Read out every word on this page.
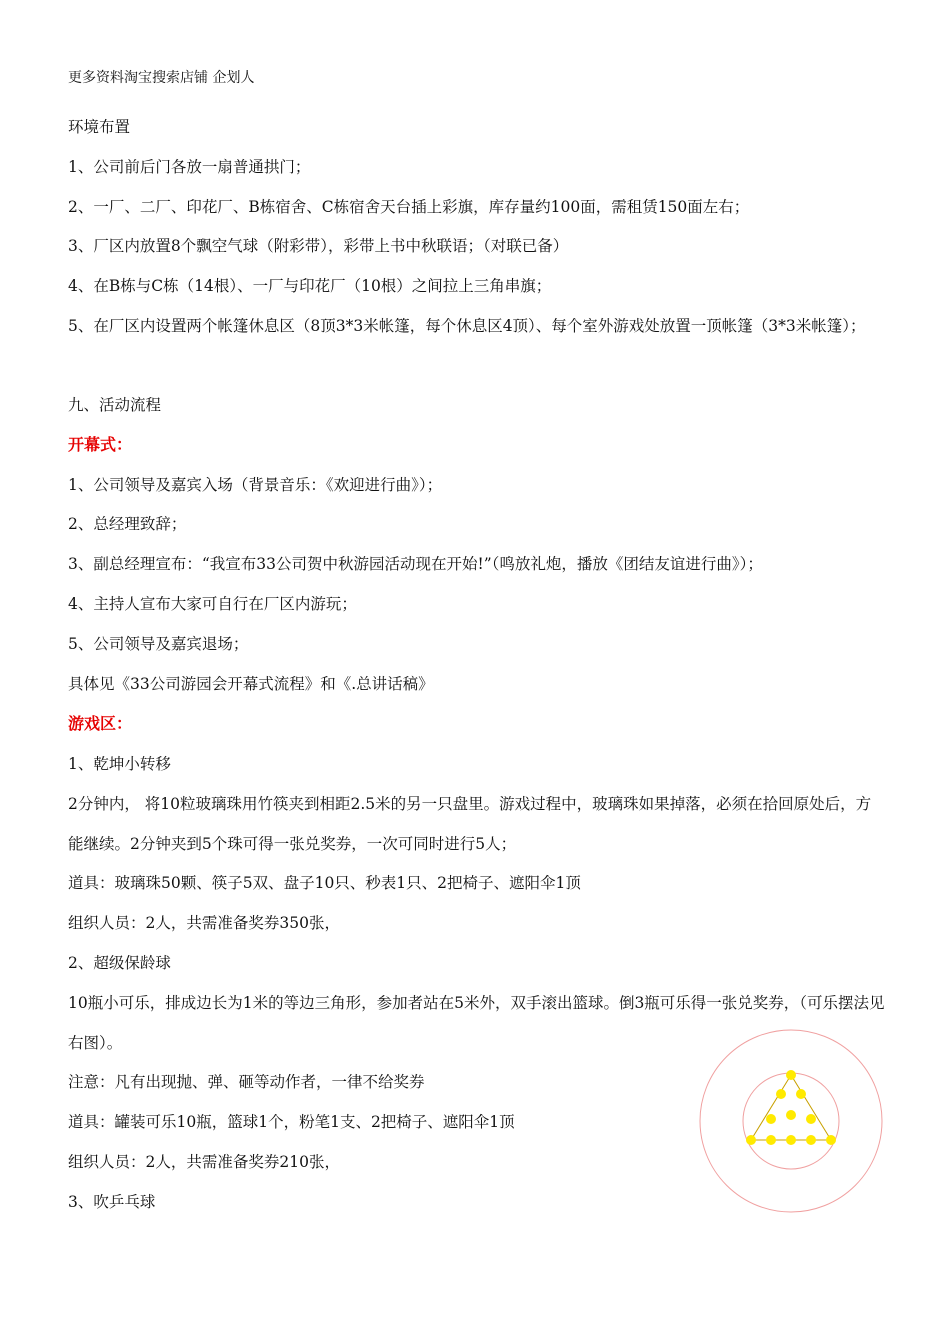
更多资料淘宝搜索店铺 企划人

环境布置

1、公司前后门各放一扇普通拱门；

2、一厂、二厂、印花厂、B栋宿舍、C栋宿舍天台插上彩旗，库存量约100面，需租赁150面左右；

3、厂区内放置8个飘空气球（附彩带），彩带上书中秋联语；（对联已备）

4、在B栋与C栋（14根）、一厂与印花厂（10根）之间拉上三角串旗；

5、在厂区内设置两个帐篷休息区（8顶3*3米帐篷，每个休息区4顶）、每个室外游戏处放置一顶帐篷（3*3米帐篷）；

九、活动流程

开幕式：

1、公司领导及嘉宾入场（背景音乐：《欢迎进行曲》）；

2、总经理致辞；

3、副总经理宣布：“我宣布33公司贺中秋游园活动现在开始!”（鸣放礼炮，播放《团结友谊进行曲》）；

4、主持人宣布大家可自行在厂区内游玩；

5、公司领导及嘉宾退场；

具体见《33公司游园会开幕式流程》和《.总讲话稿》

游戏区：

1、乾坤小转移

2分钟内， 将10粒玻璃珠用竹筷夹到相距2.5米的另一只盘里。游戏过程中，玻璃珠如果掉落，必须在拾回原处后，方能继续。2分钟夹到5个珠可得一张兑奖券，一次可同时进行5人；

道具：玻璃珠50颗、筷子5双、盘子10只、秒表1只、2把椅子、遮阳伞1顶

组织人员：2人，共需准备奖券350张，

2、超级保龄球

10瓶小可乐，排成边长为1米的等边三角形，参加者站在5米外，双手滚出篮球。倒3瓶可乐得一张兑奖券，（可乐摆法见右图）。

注意：凡有出现抛、弹、砸等动作者，一律不给奖券

道具：罐装可乐10瓶，篮球1个，粉笔1支、2把椅子、遮阳伞1顶

组织人员：2人，共需准备奖券210张，

3、吹乒乓球
